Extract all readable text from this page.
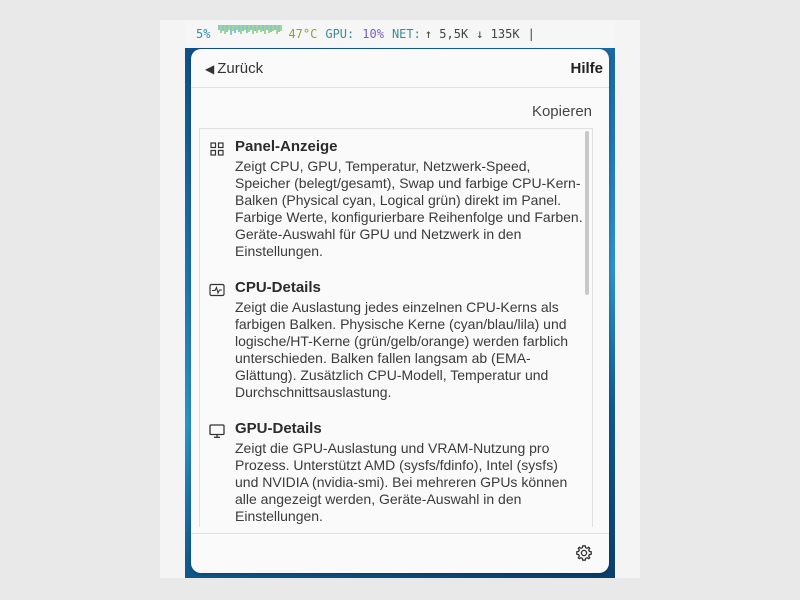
5%	47°C GPU: 10% NET: ↑ 5,5K ↓ 135K |
◀ Zurück	Hilfe
Kopieren
Panel-Anzeige
Zeigt CPU, GPU, Temperatur, Netzwerk-Speed, Speicher (belegt/gesamt), Swap und farbige CPU-Kern-Balken (Physical cyan, Logical grün) direkt im Panel. Farbige Werte, konfigurierbare Reihenfolge und Farben. Geräte-Auswahl für GPU und Netzwerk in den Einstellungen.
CPU-Details
Zeigt die Auslastung jedes einzelnen CPU-Kerns als farbigen Balken. Physische Kerne (cyan/blau/lila) und logische/HT-Kerne (grün/gelb/orange) werden farblich unterschieden. Balken fallen langsam ab (EMA-Glättung). Zusätzlich CPU-Modell, Temperatur und Durchschnittsauslastung.
GPU-Details
Zeigt die GPU-Auslastung und VRAM-Nutzung pro Prozess. Unterstützt AMD (sysfs/fdinfo), Intel (sysfs) und NVIDIA (nvidia-smi). Bei mehreren GPUs können alle angezeigt werden, Geräte-Auswahl in den Einstellungen.
